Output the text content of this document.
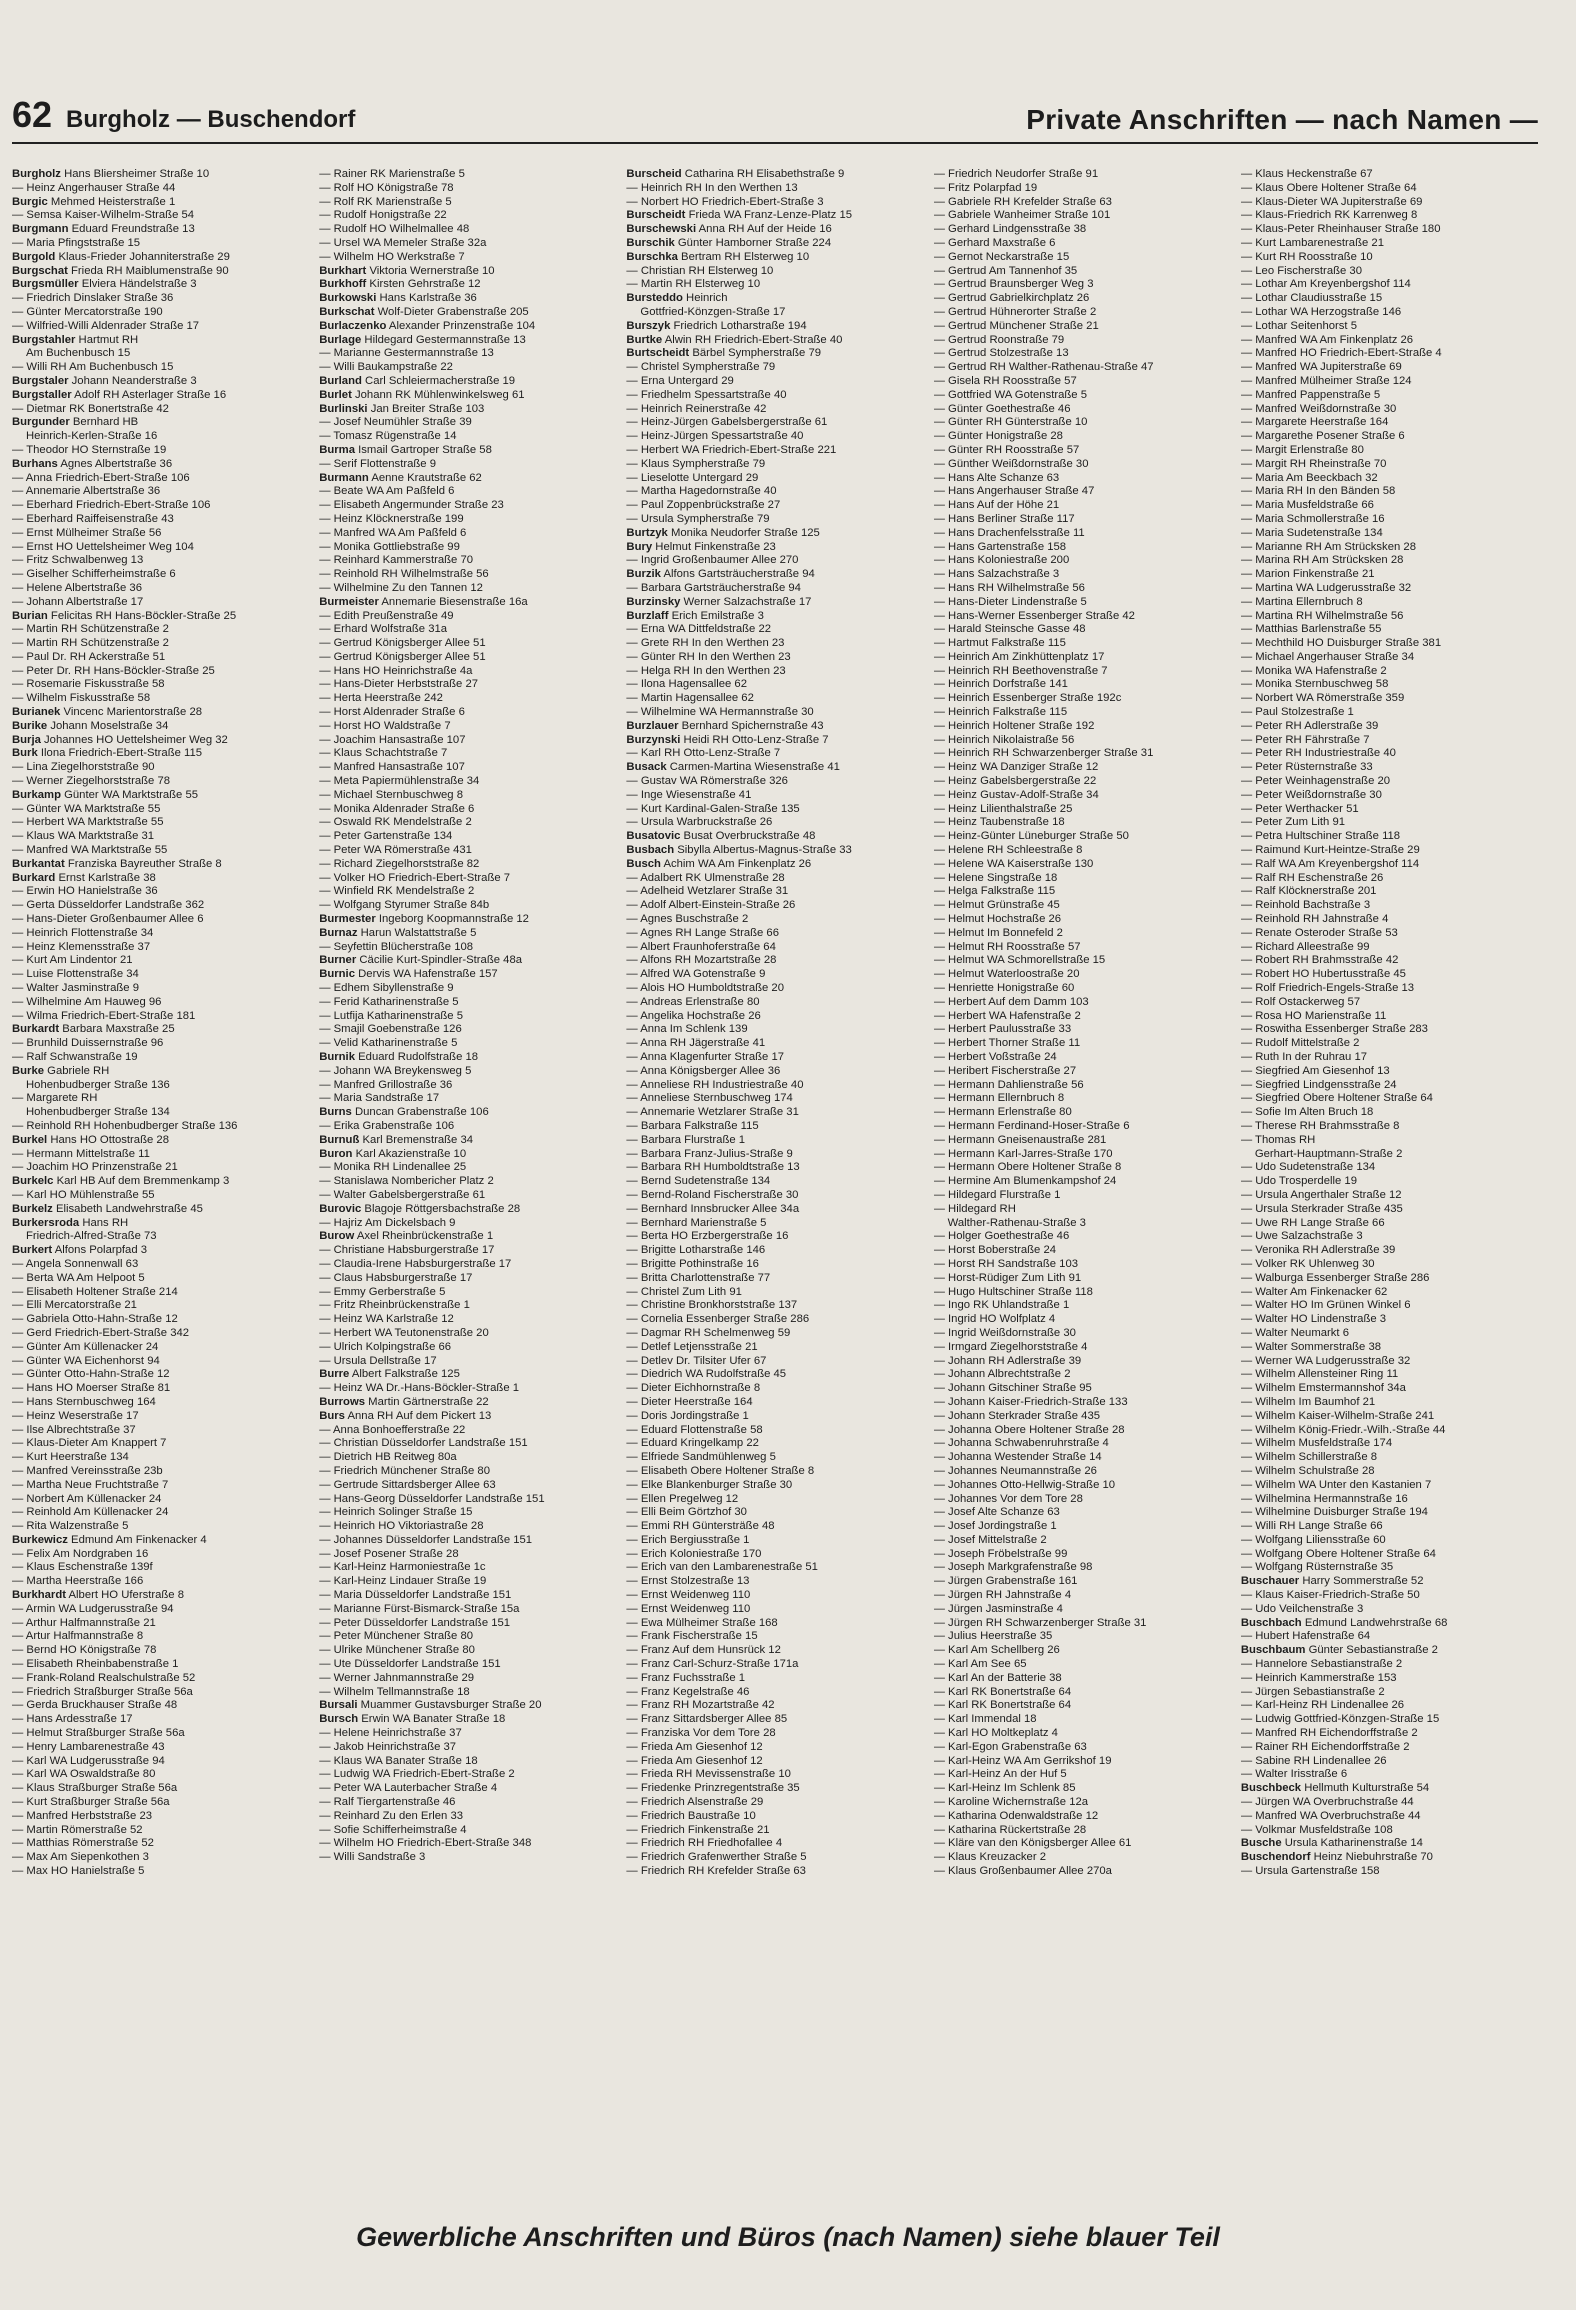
62 Burgholz — Buschendorf	Private Anschriften — nach Namen —
Burgholz Hans Bliersheimer Straße 10
— Heinz Angerhauser Straße 44
Burgic Mehmed Heisterstraße 1
— Semsa Kaiser-Wilhelm-Straße 54
Burgmann Eduard Freundstraße 13
— Maria Pfingststraße 15
Burgold Klaus-Frieder Johanniterstraße 29
Burgschat Frieda RH Maiblumenstraße 90
Burgsmüller Elviera Händelstraße 3
— Friedrich Dinslaker Straße 36
— Günter Mercatorstraße 190
— Wilfried-Willi Aldenrader Straße 17
Burgstahler Hartmut RH
Am Buchenbusch 15
— Willi RH Am Buchenbusch 15
Burgstaler Johann Neanderstraße 3
Burgstaller Adolf RH Asterlager Straße 16
— Dietmar RK Bonertstraße 42
Burgunder Bernhard HB
Heinrich-Kerlen-Straße 16
— Theodor HO Sternstraße 19
Burhans Agnes Albertstraße 36
— Anna Friedrich-Ebert-Straße 106
— Annemarie Albertstraße 36
— Eberhard Friedrich-Ebert-Straße 106
— Eberhard Raiffeisenstraße 43
— Ernst Mülheimer Straße 56
— Ernst HO Uettelsheimer Weg 104
— Fritz Schwalbenweg 13
— Giselher Schifferheimstraße 6
— Helene Albertstraße 36
— Johann Albertstraße 17
Burian Felicitas RH Hans-Böckler-Straße 25
— Martin RH Schützenstraße 2
— Martin RH Schützenstraße 2
— Paul Dr. RH Ackerstraße 51
— Peter Dr. RH Hans-Böckler-Straße 25
— Rosemarie Fiskusstraße 58
— Wilhelm Fiskusstraße 58
Burianek Vincenc Marientorstraße 28
Burike Johann Moselstraße 34
Burja Johannes HO Uettelsheimer Weg 32
Burk Ilona Friedrich-Ebert-Straße 115
— Lina Ziegelhorststraße 90
— Werner Ziegelhorststraße 78
Burkamp Günter WA Marktstraße 55
— Günter WA Marktstraße 55
— Herbert WA Marktstraße 55
— Klaus WA Marktstraße 31
— Manfred WA Marktstraße 55
Burkantat Franziska Bayreuther Straße 8
Burkard Ernst Karlstraße 38
— Erwin HO Hanielstraße 36
— Gerta Düsseldorfer Landstraße 362
— Hans-Dieter Großenbaumer Allee 6
— Heinrich Flottenstraße 34
— Heinz Klemensstraße 37
— Kurt Am Lindentor 21
— Luise Flottenstraße 34
— Walter Jasminstraße 9
— Wilhelmine Am Hauweg 96
— Wilma Friedrich-Ebert-Straße 181
Burkardt Barbara Maxstraße 25
— Brunhild Duissernstraße 96
— Ralf Schwanstraße 19
Burke Gabriele RH
Hohenbudberger Straße 136
— Margarete RH
Hohenbudberger Straße 134
— Reinhold RH Hohenbudberger Straße 136
Burkel Hans HO Ottostraße 28
— Hermann Mittelstraße 11
— Joachim HO Prinzenstraße 21
Burkelc Karl HB Auf dem Bremmenkamp 3
— Karl HO Mühlenstraße 55
Burkelz Elisabeth Landwehrstraße 45
Burkersroda Hans RH
Friedrich-Alfred-Straße 73
Burkert Alfons Polarpfad 3
— Angela Sonnenwall 63
— Berta WA Am Helpoot 5
— Elisabeth Holtener Straße 214
— Elli Mercatorstraße 21
— Gabriela Otto-Hahn-Straße 12
— Gerd Friedrich-Ebert-Straße 342
— Günter Am Küllenacker 24
— Günter WA Eichenhorst 94
— Günter Otto-Hahn-Straße 12
— Hans HO Moerser Straße 81
— Hans Sternbuschweg 164
— Heinz Weserstraße 17
— Ilse Albrechtstraße 37
— Klaus-Dieter Am Knappert 7
— Kurt Heerstraße 134
— Manfred Vereinsstraße 23b
— Martha Neue Fruchtstraße 7
— Norbert Am Küllenacker 24
— Reinhold Am Küllenacker 24
— Rita Walzenstraße 5
Burkewicz Edmund Am Finkenacker 4
— Felix Am Nordgraben 16
— Klaus Eschenstraße 139f
— Martha Heerstraße 166
Burkhardt Albert HO Uferstraße 8
— Armin WA Ludgerusstraße 94
— Arthur Halfmannstraße 21
— Artur Halfmannstraße 8
— Bernd HO Königstraße 78
— Elisabeth Rheinbabenstraße 1
— Frank-Roland Realschulstraße 52
— Friedrich Straßburger Straße 56a
— Gerda Bruckhauser Straße 48
— Hans Ardesstraße 17
— Helmut Straßburger Straße 56a
— Henry Lambarenestraße 43
— Karl WA Ludgerusstraße 94
— Karl WA Oswaldstraße 80
— Klaus Straßburger Straße 56a
— Kurt Straßburger Straße 56a
— Manfred Herbststraße 23
— Martin Römerstraße 52
— Matthias Römerstraße 52
— Max Am Siepenkothen 3
— Max HO Hanielstraße 5
— Rainer RK Marienstraße 5
— Rolf HO Königstraße 78
— Rolf RK Marienstraße 5
— Rudolf Honigstraße 22
— Rudolf HO Wilhelmallee 48
— Ursel WA Memeler Straße 32a
— Wilhelm HO Werkstraße 7
Burkhart Viktoria Wernerstraße 10
Burkhoff Kirsten Gehrstraße 12
Burkowski Hans Karlstraße 36
Burkschat Wolf-Dieter Grabenstraße 205
Burlaczenko Alexander Prinzenstraße 104
Burlage Hildegard Gestermannstraße 13
— Marianne Gestermannstraße 13
— Willi Baukampstraße 22
Burland Carl Schleiermacherstraße 19
Burlet Johann RK Mühlenwinkelsweg 61
Burlinski Jan Breiter Straße 103
— Josef Neumühler Straße 39
— Tomasz Rügenstraße 14
Burma Ismail Gartroper Straße 58
— Serif Flottenstraße 9
Burmann Aenne Krautstraße 62
— Beate WA Am Paßfeld 6
— Elisabeth Angermunder Straße 23
— Heinz Klöcknerstraße 199
— Manfred WA Am Paßfeld 6
— Monika Gottliebstraße 99
— Reinhard Kammerstraße 70
— Reinhold RH Wilhelmstraße 56
— Wilhelmine Zu den Tannen 12
Burmeister Annemarie Biesenstraße 16a
— Edith Preußenstraße 49
— Erhard Wolfstraße 31a
— Gertrud Königsberger Allee 51
— Gertrud Königsberger Allee 51
— Hans HO Heinrichstraße 4a
— Hans-Dieter Herbststraße 27
— Herta Heerstraße 242
— Horst Aldenrader Straße 6
— Horst HO Waldstraße 7
— Joachim Hansastraße 107
— Klaus Schachtstraße 7
— Manfred Hansastraße 107
— Meta Papiermühlenstraße 34
— Michael Sternbuschweg 8
— Monika Aldenrader Straße 6
— Oswald RK Mendelstraße 2
— Peter Gartenstraße 134
— Peter WA Römerstraße 431
— Richard Ziegelhorststraße 82
— Volker HO Friedrich-Ebert-Straße 7
— Winfield RK Mendelstraße 2
— Wolfgang Styrumer Straße 84b
Burmester Ingeborg Koopmannstraße 12
Burnaz Harun Walstattstraße 5
— Seyfettin Blücherstraße 108
Burner Cäcilie Kurt-Spindler-Straße 48a
Burnic Dervis WA Hafenstraße 157
— Edhem Sibyllenstraße 9
— Ferid Katharinenstraße 5
— Lutfija Katharinenstraße 5
— Smajil Goebenstraße 126
— Velid Katharinenstraße 5
Burnik Eduard Rudolfstraße 18
— Johann WA Breykensweg 5
— Manfred Grillostraße 36
— Maria Sandstraße 17
Burns Duncan Grabenstraße 106
— Erika Grabenstraße 106
Burnuß Karl Bremenstraße 34
Buron Karl Akazienstraße 10
— Monika RH Lindenallee 25
— Stanislawa Nombericher Platz 2
— Walter Gabelsbergerstraße 61
Burovic Blagoje Röttgersbachstraße 28
— Hajriz Am Dickelsbach 9
Burow Axel Rheinbrückenstraße 1
— Christiane Habsburgerstraße 17
— Claudia-Irene Habsburgerstraße 17
— Claus Habsburgerstraße 17
— Emmy Gerberstraße 5
— Fritz Rheinbrückenstraße 1
— Heinz WA Karlstraße 12
— Herbert WA Teutonenstraße 20
— Ulrich Kolpingstraße 66
— Ursula Dellstraße 17
Burre Albert Falkstraße 125
— Heinz WA Dr.-Hans-Böckler-Straße 1
Burrows Martin Gärtnerstraße 22
Burs Anna RH Auf dem Pickert 13
— Anna Bonhoefferstraße 22
— Christian Düsseldorfer Landstraße 151
— Dietrich HB Reitweg 80a
— Friedrich Münchener Straße 80
— Gertrude Sittardsberger Allee 63
— Hans-Georg Düsseldorfer Landstraße 151
— Heinrich Solinger Straße 15
— Heinrich HO Viktoriastraße 28
— Johannes Düsseldorfer Landstraße 151
— Josef Posener Straße 28
— Karl-Heinz Harmoniestraße 1c
— Karl-Heinz Lindauer Straße 19
— Maria Düsseldorfer Landstraße 151
— Marianne Fürst-Bismarck-Straße 15a
— Peter Düsseldorfer Landstraße 151
— Peter Münchener Straße 80
— Ulrike Münchener Straße 80
— Ute Düsseldorfer Landstraße 151
— Werner Jahnmannstraße 29
— Wilhelm Tellmannstraße 18
Bursali Muammer Gustavsburger Straße 20
Bursch Erwin WA Banater Straße 18
— Helene Heinrichstraße 37
— Jakob Heinrichstraße 37
— Klaus WA Banater Straße 18
— Ludwig WA Friedrich-Ebert-Straße 2
— Peter WA Lauterbacher Straße 4
— Ralf Tiergartenstraße 46
— Reinhard Zu den Erlen 33
— Sofie Schifferheimstraße 4
— Wilhelm HO Friedrich-Ebert-Straße 348
— Willi Sandstraße 3
Burscheid Catharina RH Elisabethstraße 9
— Heinrich RH In den Werthen 13
— Norbert HO Friedrich-Ebert-Straße 3
Burscheidt Frieda WA Franz-Lenze-Platz 15
Burschewski Anna RH Auf der Heide 16
Burschik Günter Hamborner Straße 224
Burschka Bertram RH Elsterweg 10
— Christian RH Elsterweg 10
— Martin RH Elsterweg 10
Bursteddo Heinrich
Gottfried-Könzgen-Straße 17
Burszyk Friedrich Lotharstraße 194
Burtke Alwin RH Friedrich-Ebert-Straße 40
Burtscheidt Bärbel Sympherstraße 79
— Christel Sympherstraße 79
— Erna Untergard 29
— Friedhelm Spessartstraße 40
— Heinrich Reinerstraße 42
— Heinz-Jürgen Gabelsbergerstraße 61
— Heinz-Jürgen Spessartstraße 40
— Herbert WA Friedrich-Ebert-Straße 221
— Klaus Sympherstraße 79
— Lieselotte Untergard 29
— Martha Hagedornstraße 40
— Paul Zoppenbrückstraße 27
— Ursula Sympherstraße 79
Burtzyk Monika Neudorfer Straße 125
Bury Helmut Finkenstraße 23
— Ingrid Großenbaumer Allee 270
Burzik Alfons Gartsträucherstraße 94
— Barbara Gartsträucherstraße 94
Burzinsky Werner Salzachstraße 17
Burzlaff Erich Emilstraße 3
— Erna WA Dittfeldstraße 22
— Grete RH In den Werthen 23
— Günter RH In den Werthen 23
— Helga RH In den Werthen 23
— Ilona Hagensallee 62
— Martin Hagensallee 62
— Wilhelmine WA Hermannstraße 30
Burzlauer Bernhard Spichernstraße 43
Burzynski Heidi RH Otto-Lenz-Straße 7
— Karl RH Otto-Lenz-Straße 7
Busack Carmen-Martina Wiesenstraße 41
— Gustav WA Römerstraße 326
— Inge Wiesenstraße 41
— Kurt Kardinal-Galen-Straße 135
— Ursula Warbruckstraße 26
Busatovic Busat Overbruckstraße 48
Busbach Sibylla Albertus-Magnus-Straße 33
Busch Achim WA Am Finkenplatz 26
— Adalbert RK Ulmenstraße 28
— Adelheid Wetzlarer Straße 31
— Adolf Albert-Einstein-Straße 26
— Agnes Buschstraße 2
— Agnes RH Lange Straße 66
— Albert Fraunhoferstraße 64
— Alfons RH Mozartstraße 28
— Alfred WA Gotenstraße 9
— Alois HO Humboldtstraße 20
— Andreas Erlenstraße 80
— Angelika Hochstraße 26
— Anna Im Schlenk 139
— Anna RH Jägerstraße 41
— Anna Klagenfurter Straße 17
— Anna Königsberger Allee 36
— Anneliese RH Industriestraße 40
— Anneliese Sternbuschweg 174
— Annemarie Wetzlarer Straße 31
— Barbara Falkstraße 115
— Barbara Flurstraße 1
— Barbara Franz-Julius-Straße 9
— Barbara RH Humboldtstraße 13
— Bernd Sudetenstraße 134
— Bernd-Roland Fischerstraße 30
— Bernhard Innsbrucker Allee 34a
— Bernhard Marienstraße 5
— Berta HO Erzbergerstraße 16
— Brigitte Lotharstraße 146
— Brigitte Pothinstraße 16
— Britta Charlottenstraße 77
— Christel Zum Lith 91
— Christine Bronkhorststraße 137
— Cornelia Essenberger Straße 286
— Dagmar RH Schelmenweg 59
— Detlef Letjensstraße 21
— Detlev Dr. Tilsiter Ufer 67
— Diedrich WA Rudolfstraße 45
— Dieter Eichhornstraße 8
— Dieter Heerstraße 164
— Doris Jordingstraße 1
— Eduard Flottenstraße 58
— Eduard Kringelkamp 22
— Elfriede Sandmühlenweg 5
— Elisabeth Obere Holtener Straße 8
— Elke Blankenburger Straße 30
— Ellen Pregelweg 12
— Elli Beim Görtzhof 30
— Emmi RH Güntersträße 48
— Erich Bergiusstraße 1
— Erich Koloniestraße 170
— Erich van den Lambarenestraße 51
— Ernst Stolzestraße 13
— Ernst Weidenweg 110
— Ernst Weidenweg 110
— Ewa Mülheimer Straße 168
— Frank Fischerstraße 15
— Franz Auf dem Hunsrück 12
— Franz Carl-Schurz-Straße 171a
— Franz Fuchsstraße 1
— Franz Kegelstraße 46
— Franz RH Mozartstraße 42
— Franz Sittardsberger Allee 85
— Franziska Vor dem Tore 28
— Frieda Am Giesenhof 12
— Frieda Am Giesenhof 12
— Frieda RH Mevissenstraße 10
— Friedenke Prinzregentstraße 35
— Friedrich Alsenstraße 29
— Friedrich Baustraße 10
— Friedrich Finkenstraße 21
— Friedrich RH Friedhofallee 4
— Friedrich Grafenwerther Straße 5
— Friedrich RH Krefelder Straße 63
— Friedrich Neudorfer Straße 91
— Fritz Polarpfad 19
— Gabriele RH Krefelder Straße 63
— Gabriele Wanheimer Straße 101
— Gerhard Lindgensstraße 38
— Gerhard Maxstraße 6
— Gernot Neckarstraße 15
— Gertrud Am Tannenhof 35
— Gertrud Braunsberger Weg 3
— Gertrud Gabrielkirchplatz 26
— Gertrud Hühnerorter Straße 2
— Gertrud Münchener Straße 21
— Gertrud Roonstraße 79
— Gertrud Stolzestraße 13
— Gertrud RH Walther-Rathenau-Straße 47
— Gisela RH Roosstraße 57
— Gottfried WA Gotenstraße 5
— Günter Goethestraße 46
— Günter RH Günterstraße 10
— Günter Honigstraße 28
— Günter RH Roosstraße 57
— Günther Weißdornstraße 30
— Hans Alte Schanze 63
— Hans Angerhauser Straße 47
— Hans Auf der Höhe 21
— Hans Berliner Straße 117
— Hans Drachenfelsstraße 11
— Hans Gartenstraße 158
— Hans Koloniestraße 200
— Hans Salzachstraße 3
— Hans RH Wilhelmstraße 56
— Hans-Dieter Lindenstraße 5
— Hans-Werner Essenberger Straße 42
— Harald Steinsche Gasse 48
— Hartmut Falkstraße 115
— Heinrich Am Zinkhüttenplatz 17
— Heinrich RH Beethovenstraße 7
— Heinrich Dorfstraße 141
— Heinrich Essenberger Straße 192c
— Heinrich Falkstraße 115
— Heinrich Holtener Straße 192
— Heinrich Nikolaistraße 56
— Heinrich RH Schwarzenberger Straße 31
— Heinz WA Danziger Straße 12
— Heinz Gabelsbergerstraße 22
— Heinz Gustav-Adolf-Straße 34
— Heinz Lilienthalstraße 25
— Heinz Taubenstraße 18
— Heinz-Günter Lüneburger Straße 50
— Helene RH Schleestraße 8
— Helene WA Kaiserstraße 130
— Helene Singstraße 18
— Helga Falkstraße 115
— Helmut Grünstraße 45
— Helmut Hochstraße 26
— Helmut Im Bonnefeld 2
— Helmut RH Roosstraße 57
— Helmut WA Schmorellstraße 15
— Helmut Waterloostraße 20
— Henriette Honigstraße 60
— Herbert Auf dem Damm 103
— Herbert WA Hafenstraße 2
— Herbert Paulusstraße 33
— Herbert Thorner Straße 11
— Herbert Voßstraße 24
— Heribert Fischerstraße 27
— Hermann Dahlienstraße 56
— Hermann Ellernbruch 8
— Hermann Erlenstraße 80
— Hermann Ferdinand-Hoser-Straße 6
— Hermann Gneisenaustraße 281
— Hermann Karl-Jarres-Straße 170
— Hermann Obere Holtener Straße 8
— Hermine Am Blumenkampshof 24
— Hildegard Flurstraße 1
— Hildegard RH
Walther-Rathenau-Straße 3
— Holger Goethestraße 46
— Horst Boberstraße 24
— Horst RH Sandstraße 103
— Horst-Rüdiger Zum Lith 91
— Hugo Hultschiner Straße 118
— Ingo RK Uhlandstraße 1
— Ingrid HO Wolfplatz 4
— Ingrid Weißdornstraße 30
— Irmgard Ziegelhorststraße 4
— Johann RH Adlerstraße 39
— Johann Albrechtstraße 2
— Johann Gitschiner Straße 95
— Johann Kaiser-Friedrich-Straße 133
— Johann Sterkrader Straße 435
— Johanna Obere Holtener Straße 28
— Johanna Schwabenruhrstraße 4
— Johanna Westender Straße 14
— Johannes Neumannstraße 26
— Johannes Otto-Hellwig-Straße 10
— Johannes Vor dem Tore 28
— Josef Alte Schanze 63
— Josef Jordingstraße 1
— Josef Mittelstraße 2
— Joseph Fröbelstraße 99
— Joseph Markgrafenstraße 98
— Jürgen Grabenstraße 161
— Jürgen RH Jahnstraße 4
— Jürgen Jasminstraße 4
— Jürgen RH Schwarzenberger Straße 31
— Julius Heerstraße 35
— Karl Am Schellberg 26
— Karl Am See 65
— Karl An der Batterie 38
— Karl RK Bonertstraße 64
— Karl RK Bonertstraße 64
— Karl Immendal 18
— Karl HO Moltkeplatz 4
— Karl-Egon Grabenstraße 63
— Karl-Heinz WA Am Gerrikshof 19
— Karl-Heinz An der Huf 5
— Karl-Heinz Im Schlenk 85
— Karoline Wichernstraße 12a
— Katharina Odenwaldstraße 12
— Katharina Rückertstraße 28
— Kläre van den Königsberger Allee 61
— Klaus Kreuzacker 2
— Klaus Großenbaumer Allee 270a
— Klaus Heckenstraße 67
— Klaus Obere Holtener Straße 64
— Klaus-Dieter WA Jupiterstraße 69
— Klaus-Friedrich RK Karrenweg 8
— Klaus-Peter Rheinhauser Straße 180
— Kurt Lambarenestraße 21
— Kurt RH Roosstraße 10
— Leo Fischerstraße 30
— Lothar Am Kreyenbergshof 114
— Lothar Claudiusstraße 15
— Lothar WA Herzogstraße 146
— Lothar Seitenhorst 5
— Manfred WA Am Finkenplatz 26
— Manfred HO Friedrich-Ebert-Straße 4
— Manfred WA Jupiterstraße 69
— Manfred Mülheimer Straße 124
— Manfred Pappenstraße 5
— Manfred Weißdornstraße 30
— Margarete Heerstraße 164
— Margarethe Posener Straße 6
— Margit Erlenstraße 80
— Margit RH Rheinstraße 70
— Maria Am Beeckbach 32
— Maria RH In den Bänden 58
— Maria Musfeldstraße 66
— Maria Schmollerstraße 16
— Maria Sudetenstraße 134
— Marianne RH Am Strücksken 28
— Marina RH Am Strücksken 28
— Marion Finkenstraße 21
— Martina WA Ludgerusstraße 32
— Martina Ellernbruch 8
— Martina RH Wilhelmstraße 56
— Matthias Barlenstraße 55
— Mechthild HO Duisburger Straße 381
— Michael Angerhauser Straße 34
— Monika WA Hafenstraße 2
— Monika Sternbuschweg 58
— Norbert WA Römerstraße 359
— Paul Stolzestraße 1
— Peter RH Adlerstraße 39
— Peter RH Fährstraße 7
— Peter RH Industriestraße 40
— Peter Rüsternstraße 33
— Peter Weinhagenstraße 20
— Peter Weißdornstraße 30
— Peter Werthacker 51
— Peter Zum Lith 91
— Petra Hultschiner Straße 118
— Raimund Kurt-Heintze-Straße 29
— Ralf WA Am Kreyenbergshof 114
— Ralf RH Eschenstraße 26
— Ralf Klöcknerstraße 201
— Reinhold Bachstraße 3
— Reinhold RH Jahnstraße 4
— Renate Osteroder Straße 53
— Richard Alleestraße 99
— Robert RH Brahmsstraße 42
— Robert HO Hubertusstraße 45
— Rolf Friedrich-Engels-Straße 13
— Rolf Ostackerweg 57
— Rosa HO Marienstraße 11
— Roswitha Essenberger Straße 283
— Rudolf Mittelstraße 2
— Ruth In der Ruhrau 17
— Siegfried Am Giesenhof 13
— Siegfried Lindgensstraße 24
— Siegfried Obere Holtener Straße 64
— Sofie Im Alten Bruch 18
— Therese RH Brahmsstraße 8
— Thomas RH
Gerhart-Hauptmann-Straße 2
— Udo Sudetenstraße 134
— Udo Trosperdelle 19
— Ursula Angerthaler Straße 12
— Ursula Sterkrader Straße 435
— Uwe RH Lange Straße 66
— Uwe Salzachstraße 3
— Veronika RH Adlerstraße 39
— Volker RK Uhlenweg 30
— Walburga Essenberger Straße 286
— Walter Am Finkenacker 62
— Walter HO Im Grünen Winkel 6
— Walter HO Lindenstraße 3
— Walter Neumarkt 6
— Walter Sommerstraße 38
— Werner WA Ludgerusstraße 32
— Wilhelm Allensteiner Ring 11
— Wilhelm Emstermannshof 34a
— Wilhelm Im Baumhof 21
— Wilhelm Kaiser-Wilhelm-Straße 241
— Wilhelm König-Friedr.-Wilh.-Straße 44
— Wilhelm Musfeldstraße 174
— Wilhelm Schillerstraße 8
— Wilhelm Schulstraße 28
— Wilhelm WA Unter den Kastanien 7
— Wilhelmina Hermannstraße 16
— Wilhelmine Duisburger Straße 194
— Willi RH Lange Straße 66
— Wolfgang Liliensstraße 60
— Wolfgang Obere Holtener Straße 64
— Wolfgang Rüsternstraße 35
Buschauer Harry Sommerstraße 52
— Klaus Kaiser-Friedrich-Straße 50
— Udo Veilchenstraße 3
Buschbach Edmund Landwehrstraße 68
— Hubert Hafenstraße 64
Buschbaum Günter Sebastianstraße 2
— Hannelore Sebastianstraße 2
— Heinrich Kammerstraße 153
— Jürgen Sebastianstraße 2
— Karl-Heinz RH Lindenallee 26
— Ludwig Gottfried-Könzgen-Straße 15
— Manfred RH Eichendorffstraße 2
— Rainer RH Eichendorffstraße 2
— Sabine RH Lindenallee 26
— Walter Irisstraße 6
Buschbeck Hellmuth Kulturstraße 54
— Jürgen WA Overbruchstraße 44
— Manfred WA Overbruchstraße 44
— Volkmar Musfeldstraße 108
Busche Ursula Katharinenstraße 14
Buschendorf Heinz Niebuhrstraße 70
— Ursula Gartenstraße 158
Gewerbliche Anschriften und Büros (nach Namen) siehe blauer Teil
